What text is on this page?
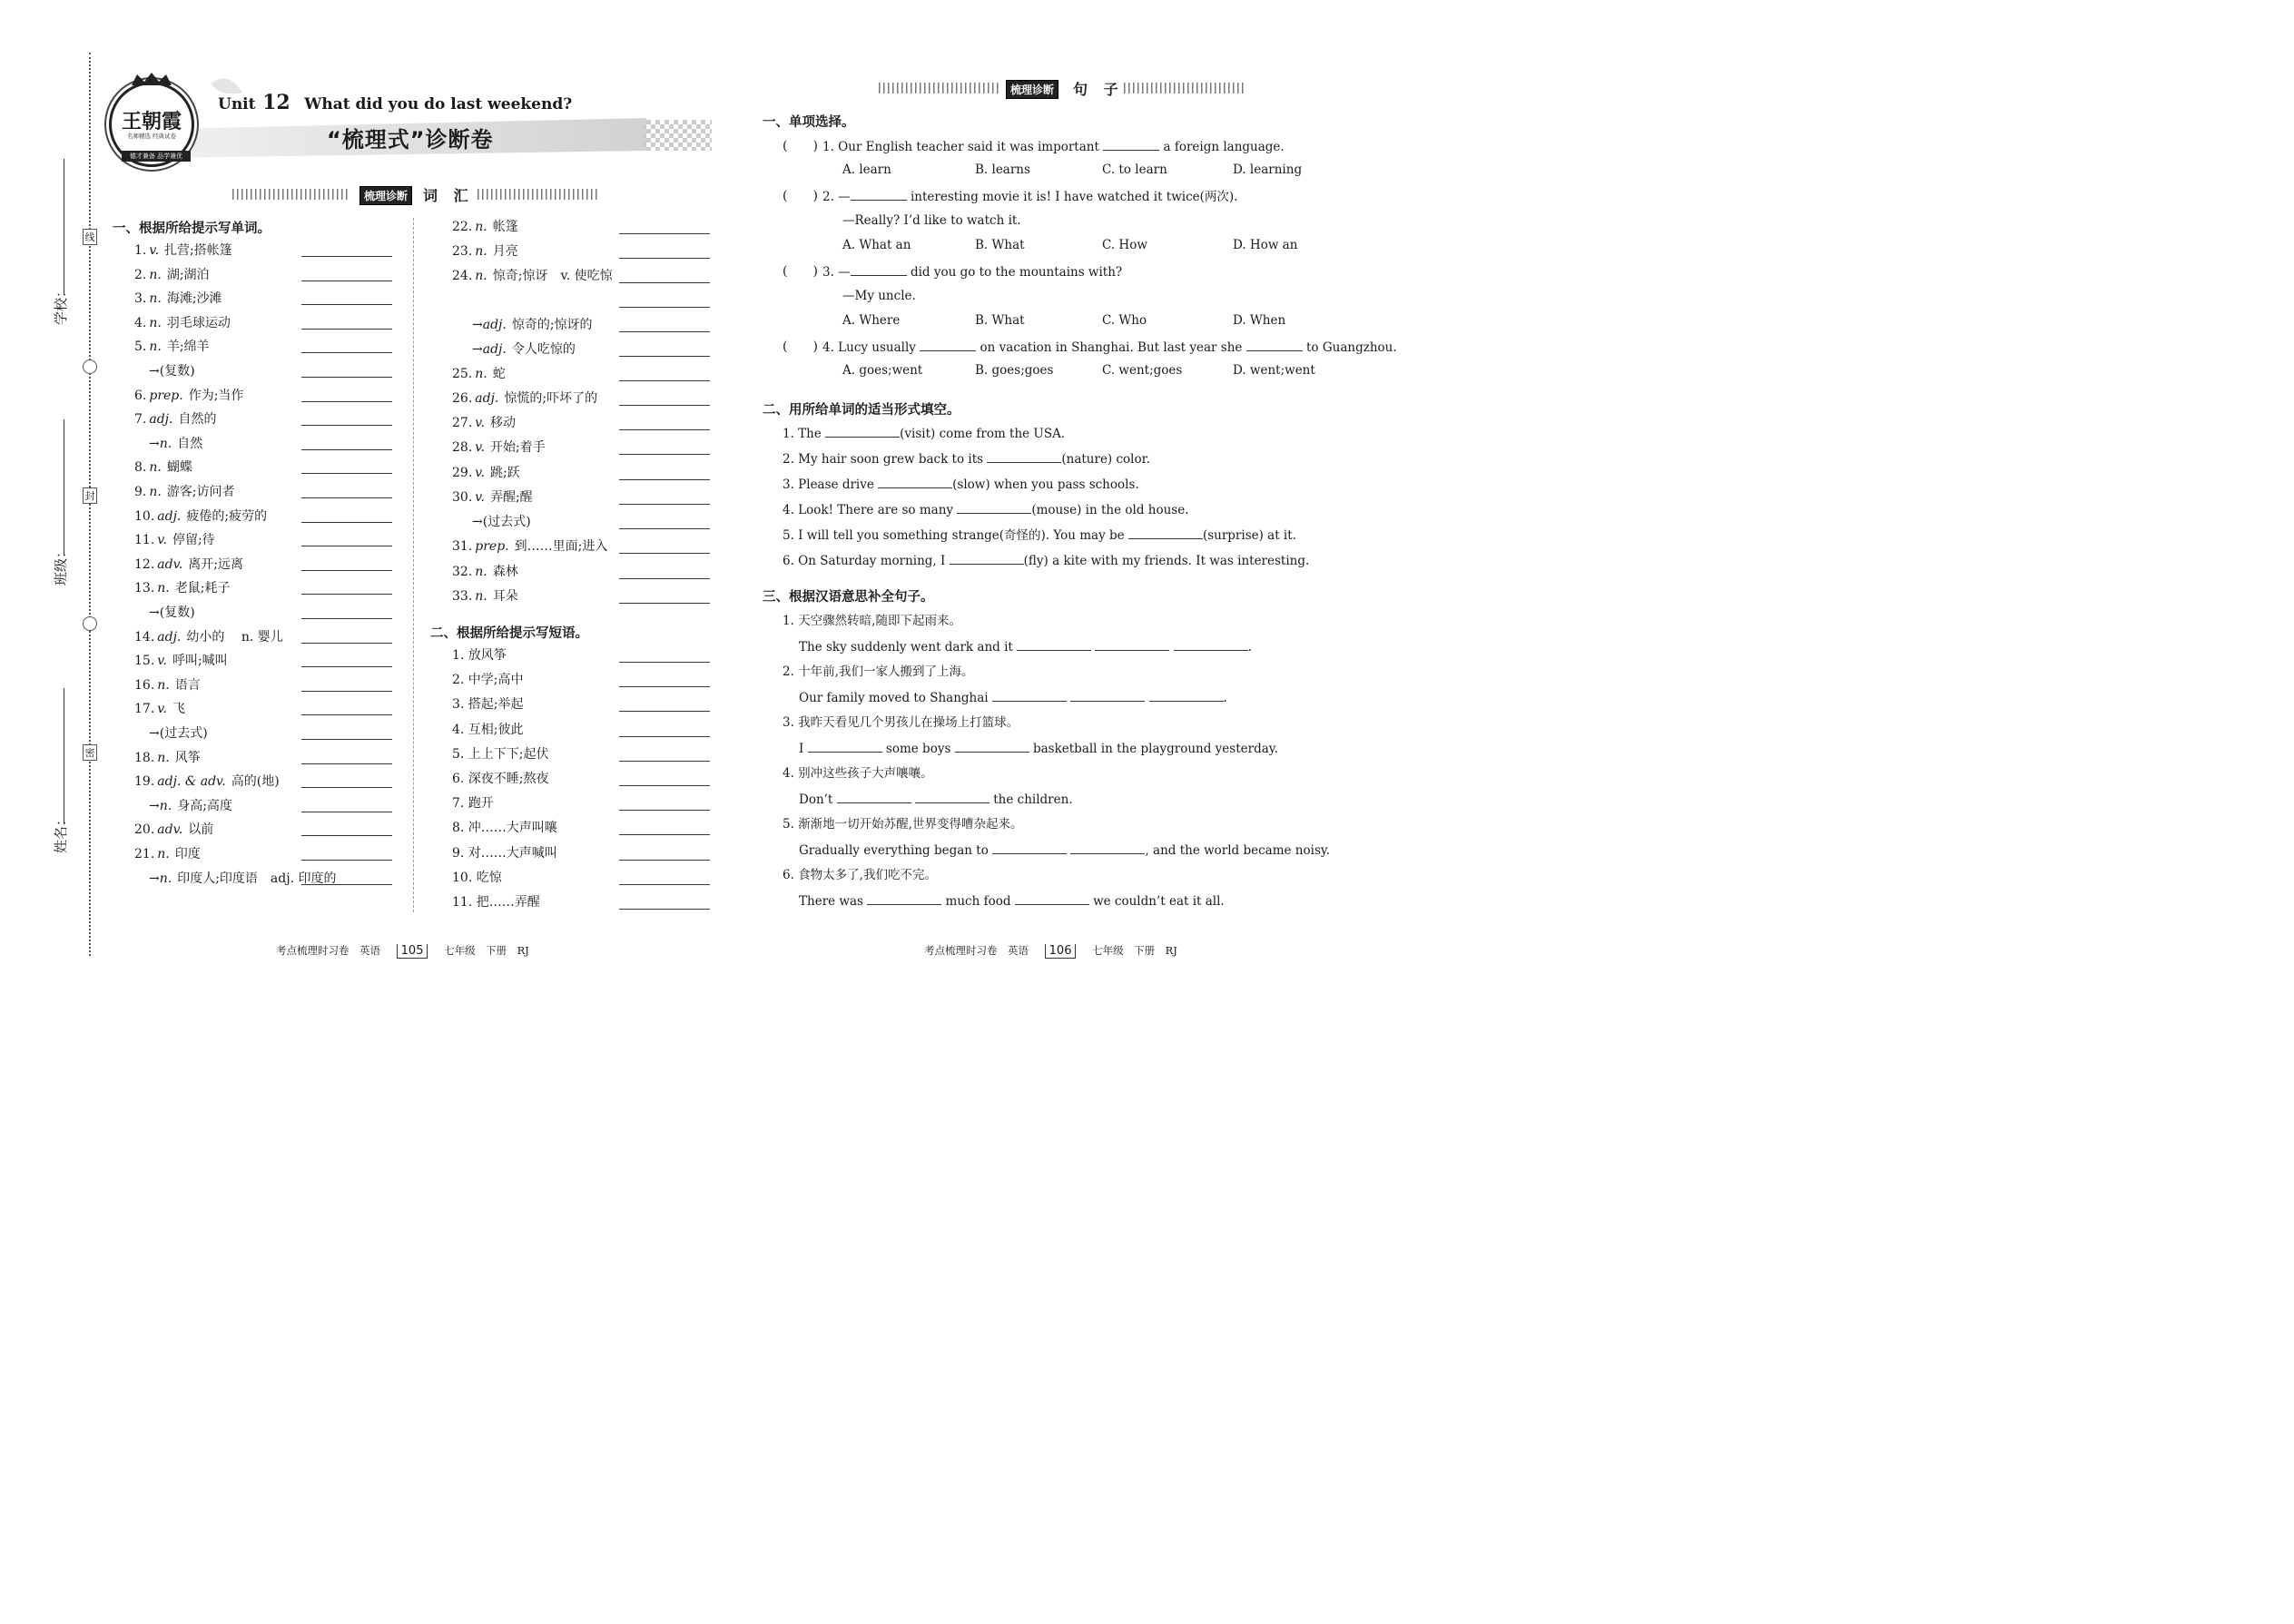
学校：
班级：
姓名：
线
封
密
王朝霞
名师精选 经典试卷
德才兼备 品学兼优
Unit 12 What did you do last weekend?
“梳理式”诊断卷
梳理诊断	词 汇
梳理诊断	句 子
一、根据所给提示写单词。
1. v. 扎营;搭帐篷
2. n. 湖;湖泊
3. n. 海滩;沙滩
4. n. 羽毛球运动
5. n. 羊;绵羊
→(复数)
6. prep. 作为;当作
7. adj. 自然的
→n. 自然
8. n. 蝴蝶
9. n. 游客;访问者
10. adj. 疲倦的;疲劳的
11. v. 停留;待
12. adv. 离开;远离
13. n. 老鼠;耗子
→(复数)
14. adj. 幼小的　 n. 婴儿
15. v. 呼叫;喊叫
16. n. 语言
17. v. 飞
→(过去式)
18. n. 风筝
19. adj. & adv. 高的(地)
→n. 身高;高度
20. adv. 以前
21. n. 印度
→n. 印度人;印度语　adj. 印度的
22. n. 帐篷
23. n. 月亮
24. n. 惊奇;惊讶　v. 使吃惊
→adj. 惊奇的;惊讶的
→adj. 令人吃惊的
25. n. 蛇
26. adj. 惊慌的;吓坏了的
27. v. 移动
28. v. 开始;着手
29. v. 跳;跃
30. v. 弄醒;醒
→(过去式)
31. prep. 到……里面;进入
32. n. 森林
33. n. 耳朵
二、根据所给提示写短语。
1. 放风筝
2. 中学;高中
3. 搭起;举起
4. 互相;彼此
5. 上上下下;起伏
6. 深夜不睡;熬夜
7. 跑开
8. 冲……大声叫嚷
9. 对……大声喊叫
10. 吃惊
11. 把……弄醒
一、单项选择。
(　　) 1. Our English teacher said it was important	a foreign language.
A. learn	B. learns	C. to learn	D. learning
(　　) 2. —	interesting movie it is! I have watched it twice(两次).
—Really? I’d like to watch it.
A. What an	B. What	C. How	D. How an
(　　) 3. —	did you go to the mountains with?
—My uncle.
A. Where	B. What	C. Who	D. When
(　　) 4. Lucy usually	on vacation in Shanghai. But last year she	to Guangzhou.
A. goes;went	B. goes;goes	C. went;goes	D. went;went
二、用所给单词的适当形式填空。
1. The	(visit) come from the USA.
2. My hair soon grew back to its	(nature) color.
3. Please drive	(slow) when you pass schools.
4. Look! There are so many	(mouse) in the old house.
5. I will tell you something strange(奇怪的). You may be	(surprise) at it.
6. On Saturday morning, I	(fly) a kite with my friends. It was interesting.
三、根据汉语意思补全句子。
1. 天空骤然转暗,随即下起雨来。
The sky suddenly went dark and it	.
2. 十年前,我们一家人搬到了上海。
Our family moved to Shanghai	.
3. 我昨天看见几个男孩儿在操场上打篮球。
I	some boys	basketball in the playground yesterday.
4. 别冲这些孩子大声嚷嚷。
Don’t	the children.
5. 渐渐地一切开始苏醒,世界变得嘈杂起来。
Gradually everything began to	, and the world became noisy.
6. 食物太多了,我们吃不完。
There was	much food	we couldn’t eat it all.
考点梳理时习卷　英语 105 七年级　下册　RJ	考点梳理时习卷　英语 106 七年级　下册　RJ
